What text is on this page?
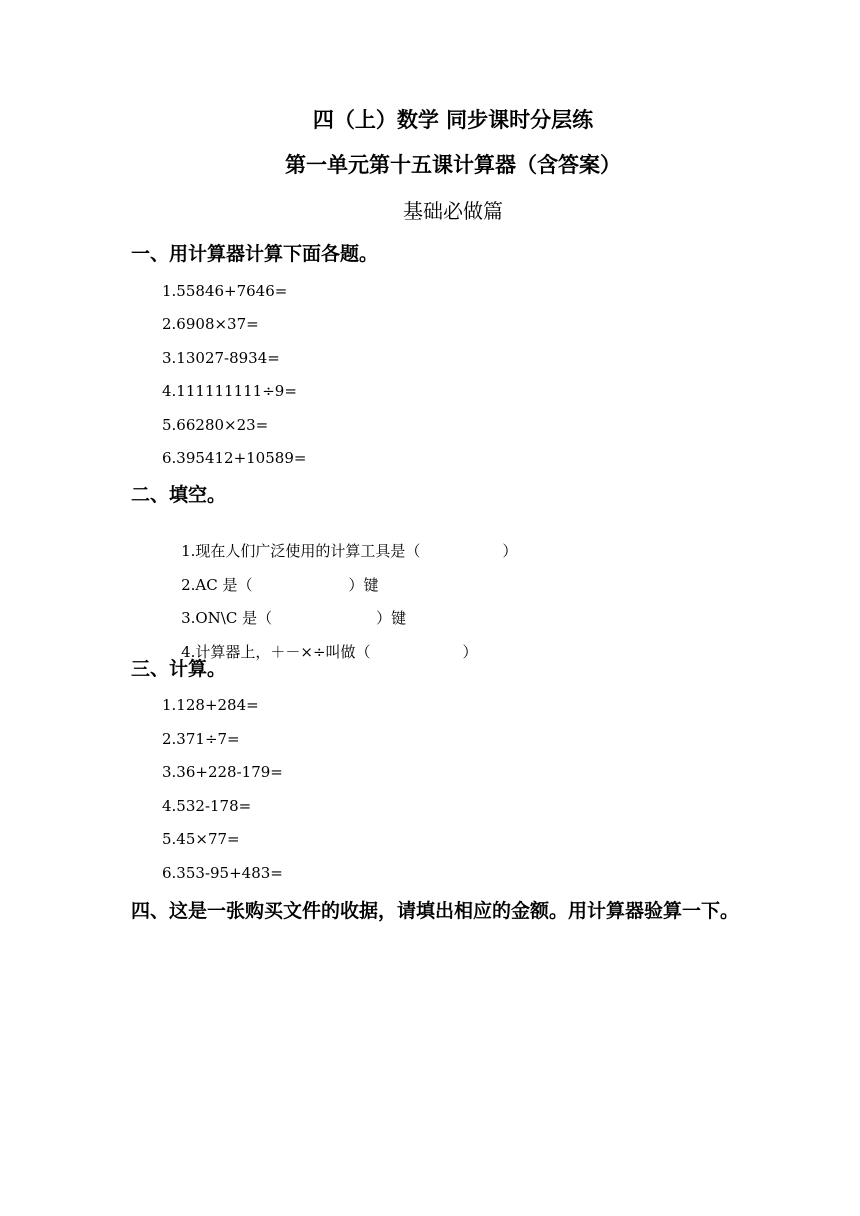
四（上）数学 同步课时分层练
第一单元第十五课计算器（含答案）
基础必做篇
一、用计算器计算下面各题。
1.55846+7646=
2.6908×37=
3.13027-8934=
4.111111111÷9=
5.66280×23=
6.395412+10589=
二、填空。

1.现在人们广泛使用的计算工具是（	）

2.AC 是（	）键

3.ON\C 是（	）键

4.计算器上，＋－×÷叫做（	）

三、计算。
1.128+284=
2.371÷7=
3.36+228-179=
4.532-178=
5.45×77=
6.353-95+483=
四、这是一张购买文件的收据，请填出相应的金额。用计算器验算一下。
